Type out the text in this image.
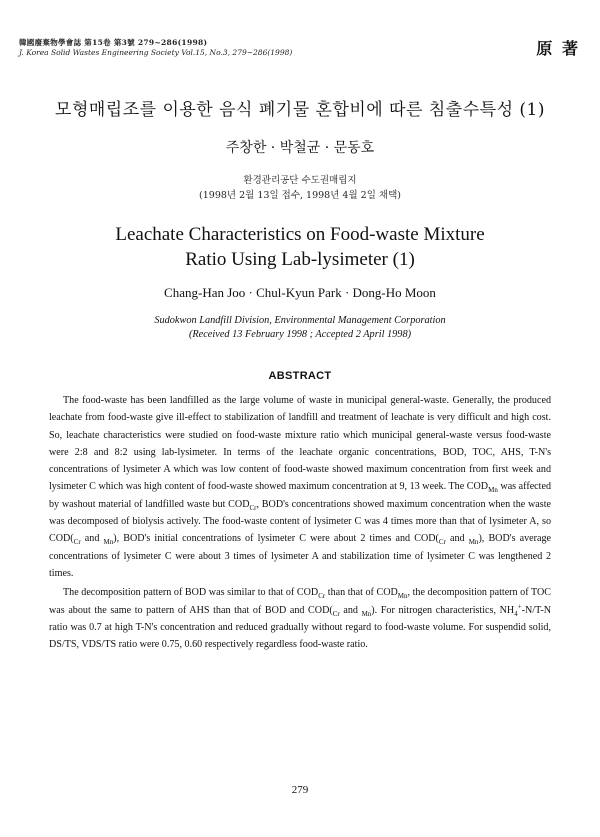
韓國廢棄物學會誌 第15卷 第3號 279~286(1998)
J. Korea Solid Wastes Engineering Society Vol.15, No.3, 279~286(1998)	原 著
모형매립조를 이용한 음식 폐기물 혼합비에 따른 침출수특성 (1)
주창한 · 박철균 · 문동호
환경관리공단 수도권매립지
(1998년 2월 13일 접수, 1998년 4월 2일 채택)
Leachate Characteristics on Food-waste Mixture
Ratio Using Lab-lysimeter (1)
Chang-Han Joo · Chul-Kyun Park · Dong-Ho Moon
Sudokwon Landfill Division, Environmental Management Corporation
(Received 13 February 1998 ; Accepted 2 April 1998)
ABSTRACT

The food-waste has been landfilled as the large volume of waste in municipal general-waste. Generally, the produced leachate from food-waste give ill-effect to stabilization of landfill and treatment of leachate is very difficult and high cost. So, leachate characteristics were studied on food-waste mixture ratio which municipal general-waste versus food-waste were 2:8 and 8:2 using lab-lysimeter. In terms of the leachate organic concentrations, BOD, TOC, AHS, T-N's concentrations of lysimeter A which was low content of food-waste showed maximum concentration from first week and lysimeter C which was high content of food-waste showed maximum concentration at 9, 13 week. The $COD_{Mn}$ was affected by washout material of landfilled waste but $COD_{Cr}$, BOD's concentrations showed maximum concentration when the waste was decomposed of biolysis actively. The food-waste content of lysimeter C was 4 times more than that of lysimeter A, so $COD(_{Cr}$ and $_{Mn}$), BOD's initial concentrations of lysimeter C were about 2 times and $COD(_{Cr}$ and $_{Mn}$), BOD's average concentrations of lysimeter C were about 3 times of lysimeter A and stabilization time of lysimeter C was lengthened 2 times.

The decomposition pattern of BOD was similar to that of $COD_{Cr}$ than that of $COD_{Mn}$, the decomposition pattern of TOC was about the same to pattern of AHS than that of BOD and $COD(_{Cr}$ and $_{Mn}$). For nitrogen characteristics, $NH_4^+-N/T-N$ ratio was 0.7 at high T-N's concentration and reduced gradually without regard to food-waste volume. For suspendid solid, DS/TS, VDS/TS ratio were 0.75, 0.60 respectively regardless food-waste ratio.

279
